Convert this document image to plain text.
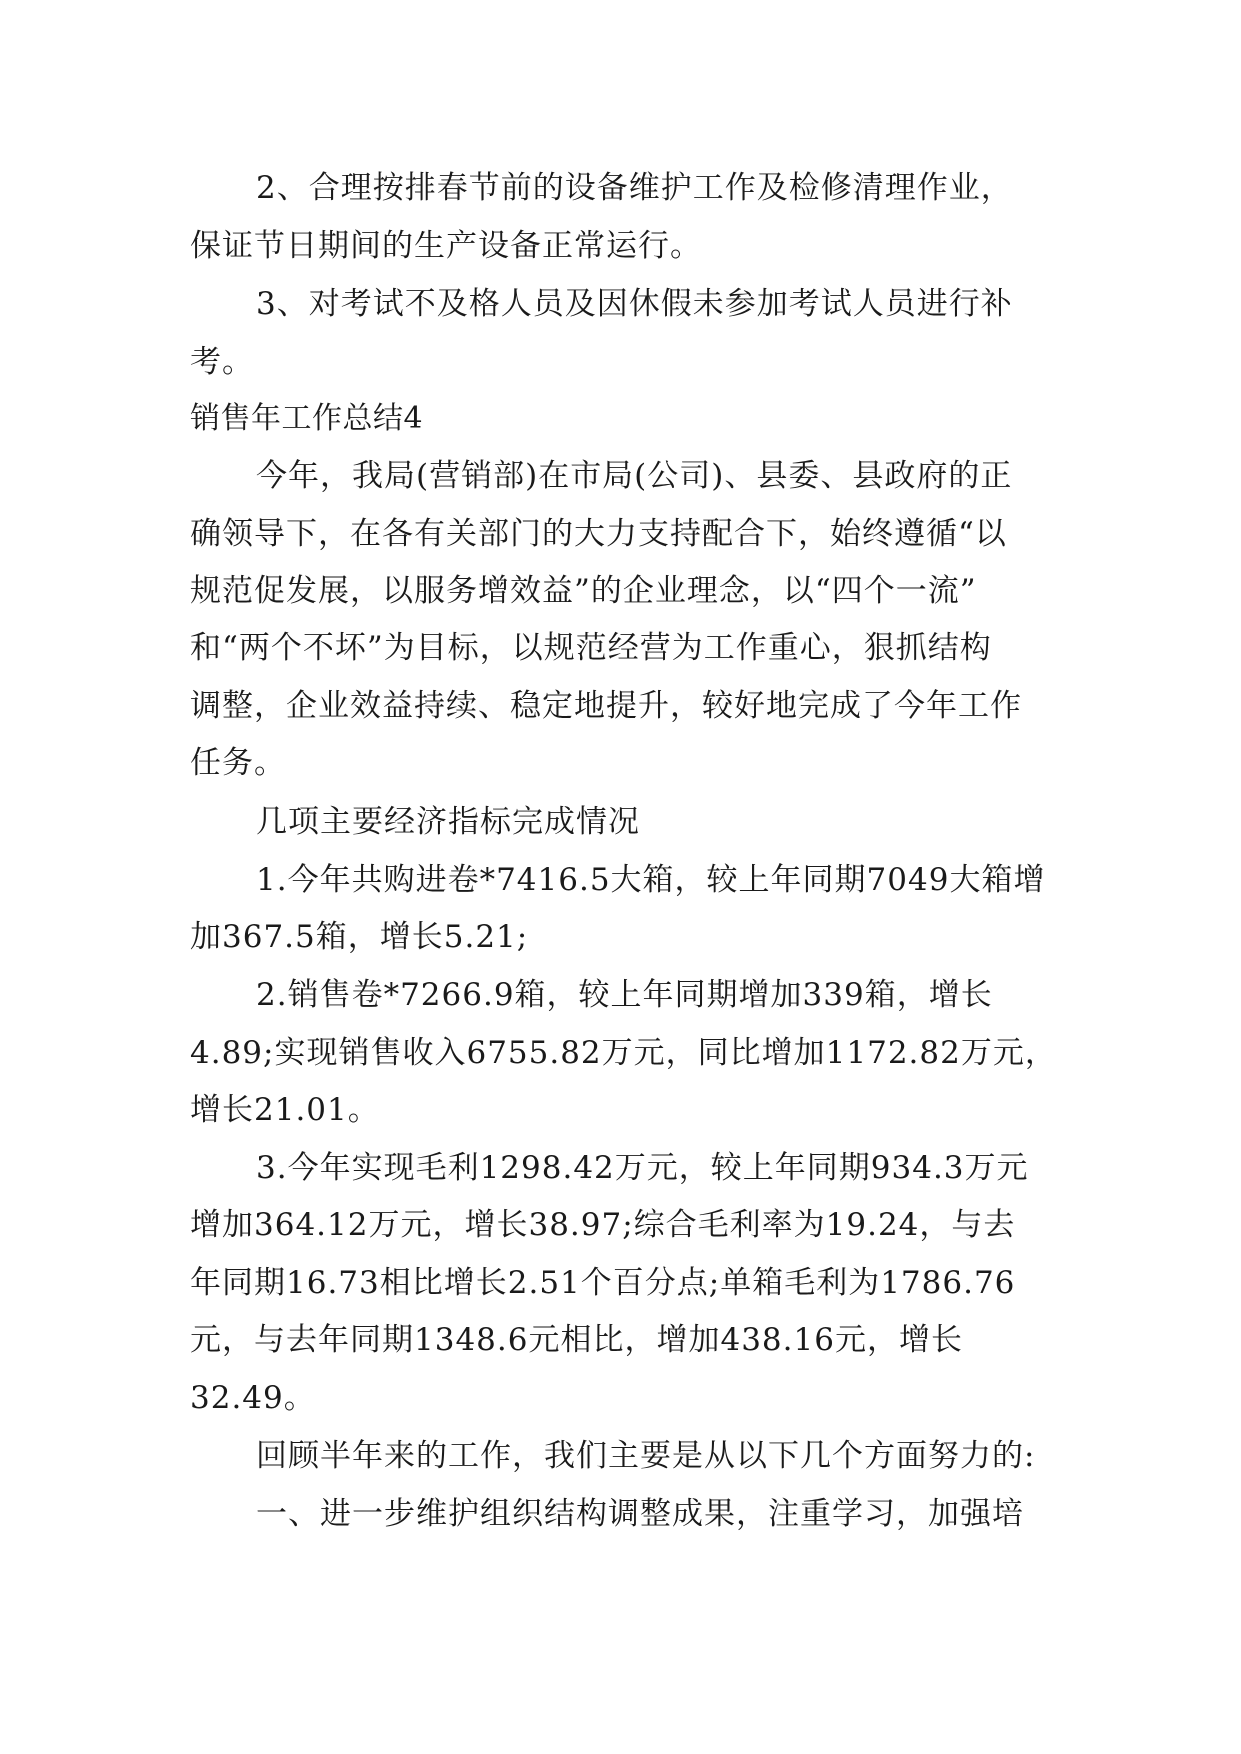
2、合理按排春节前的设备维护工作及检修清理作业，
保证节日期间的生产设备正常运行。
3、对考试不及格人员及因休假未参加考试人员进行补
考。
销售年工作总结4
今年，我局(营销部)在市局(公司)、县委、县政府的正
确领导下，在各有关部门的大力支持配合下，始终遵循“以
规范促发展，以服务增效益”的企业理念，以“四个一流”
和“两个不坏”为目标，以规范经营为工作重心，狠抓结构
调整，企业效益持续、稳定地提升，较好地完成了今年工作
任务。
几项主要经济指标完成情况
1.今年共购进卷*7416.5大箱，较上年同期7049大箱增
加367.5箱，增长5.21;
2.销售卷*7266.9箱，较上年同期增加339箱，增长
4.89;实现销售收入6755.82万元，同比增加1172.82万元，
增长21.01。
3.今年实现毛利1298.42万元，较上年同期934.3万元
增加364.12万元，增长38.97;综合毛利率为19.24，与去
年同期16.73相比增长2.51个百分点;单箱毛利为1786.76
元，与去年同期1348.6元相比，增加438.16元，增长
32.49。
回顾半年来的工作，我们主要是从以下几个方面努力的:
一、进一步维护组织结构调整成果，注重学习，加强培
